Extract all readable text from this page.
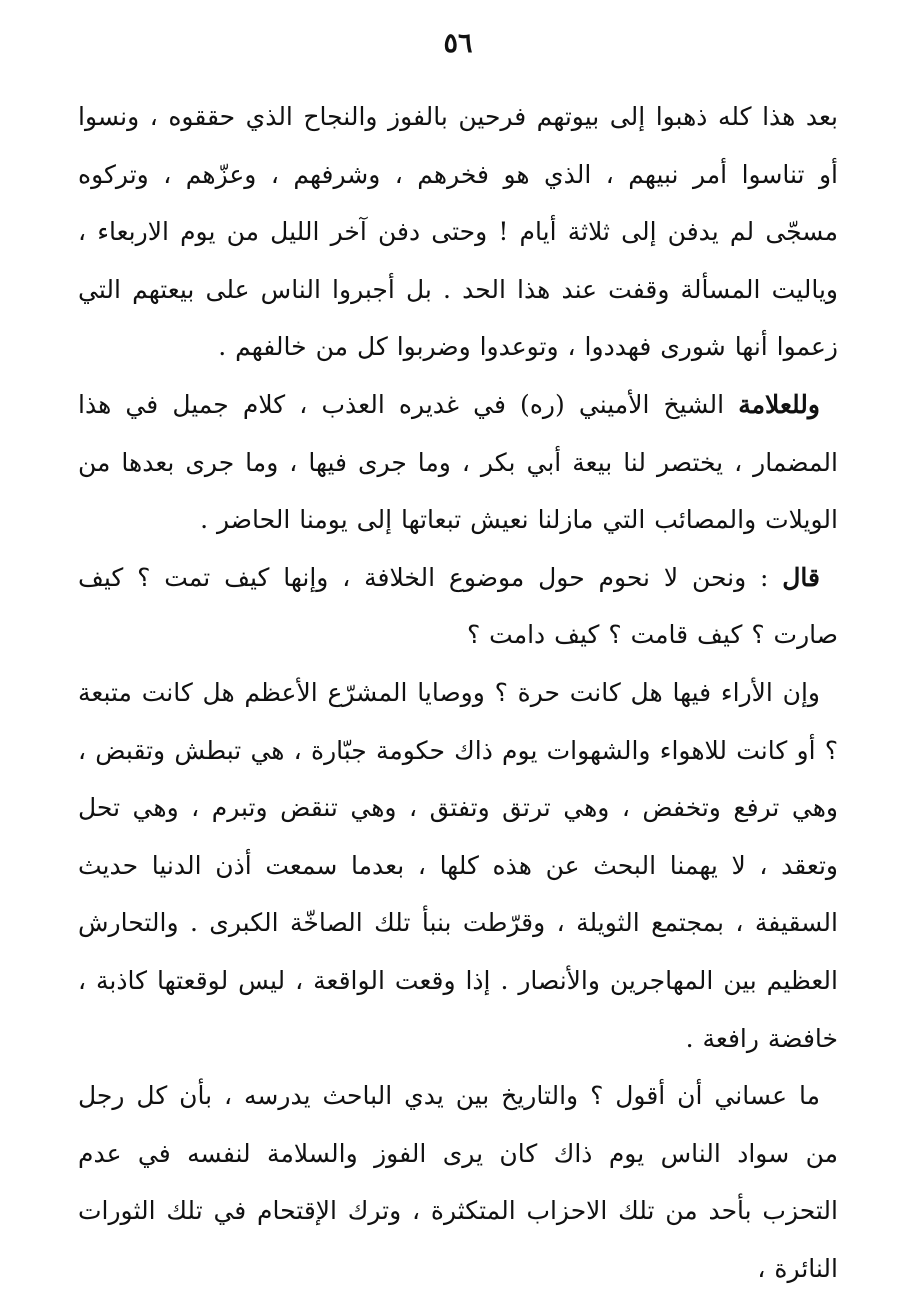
٥٦

بعد هذا كله ذهبوا إلى بيوتهم فرحين بالفوز والنجاح الذي حققوه ، ونسوا أو تناسوا أمر نبيهم ، الذي هو فخرهم ، وشرفهم ، وعزّهم ، وتركوه مسجّى لم يدفن إلى ثلاثة أيام ! وحتى دفن آخر الليل من يوم الاربعاء ، وياليت المسألة وقفت عند هذا الحد . بل أجبروا الناس على بيعتهم التي زعموا أنها شورى فهددوا ، وتوعدوا وضربوا كل من خالفهم .

وللعلامة الشيخ الأميني (ره) في غديره العذب ، كلام جميل في هذا المضمار ، يختصر لنا بيعة أبي بكر ، وما جرى فيها ، وما جرى بعدها من الويلات والمصائب التي مازلنا نعيش تبعاتها إلى يومنا الحاضر .

قال : ونحن لا نحوم حول موضوع الخلافة ، وإنها كيف تمت ؟ كيف صارت ؟ كيف قامت ؟ كيف دامت ؟

وإن الأراء فيها هل كانت حرة ؟ ووصايا المشرّع الأعظم هل كانت متبعة ؟ أو كانت للاهواء والشهوات يوم ذاك حكومة جبّارة ، هي تبطش وتقبض ، وهي ترفع وتخفض ، وهي ترتق وتفتق ، وهي تنقض وتبرم ، وهي تحل وتعقد ، لا يهمنا البحث عن هذه كلها ، بعدما سمعت أذن الدنيا حديث السقيفة ، بمجتمع الثويلة ، وقرّطت بنبأ تلك الصاخّة الكبرى . والتحارش العظيم بين المهاجرين والأنصار . إذا وقعت الواقعة ، ليس لوقعتها كاذبة ، خافضة رافعة .

ما عساني أن أقول ؟ والتاريخ بين يدي الباحث يدرسه ، بأن كل رجل من سواد الناس يوم ذاك كان يرى الفوز والسلامة لنفسه في عدم التحزب بأحد من تلك الاحزاب المتكثرة ، وترك الإقتحام في تلك الثورات النائرة ،
